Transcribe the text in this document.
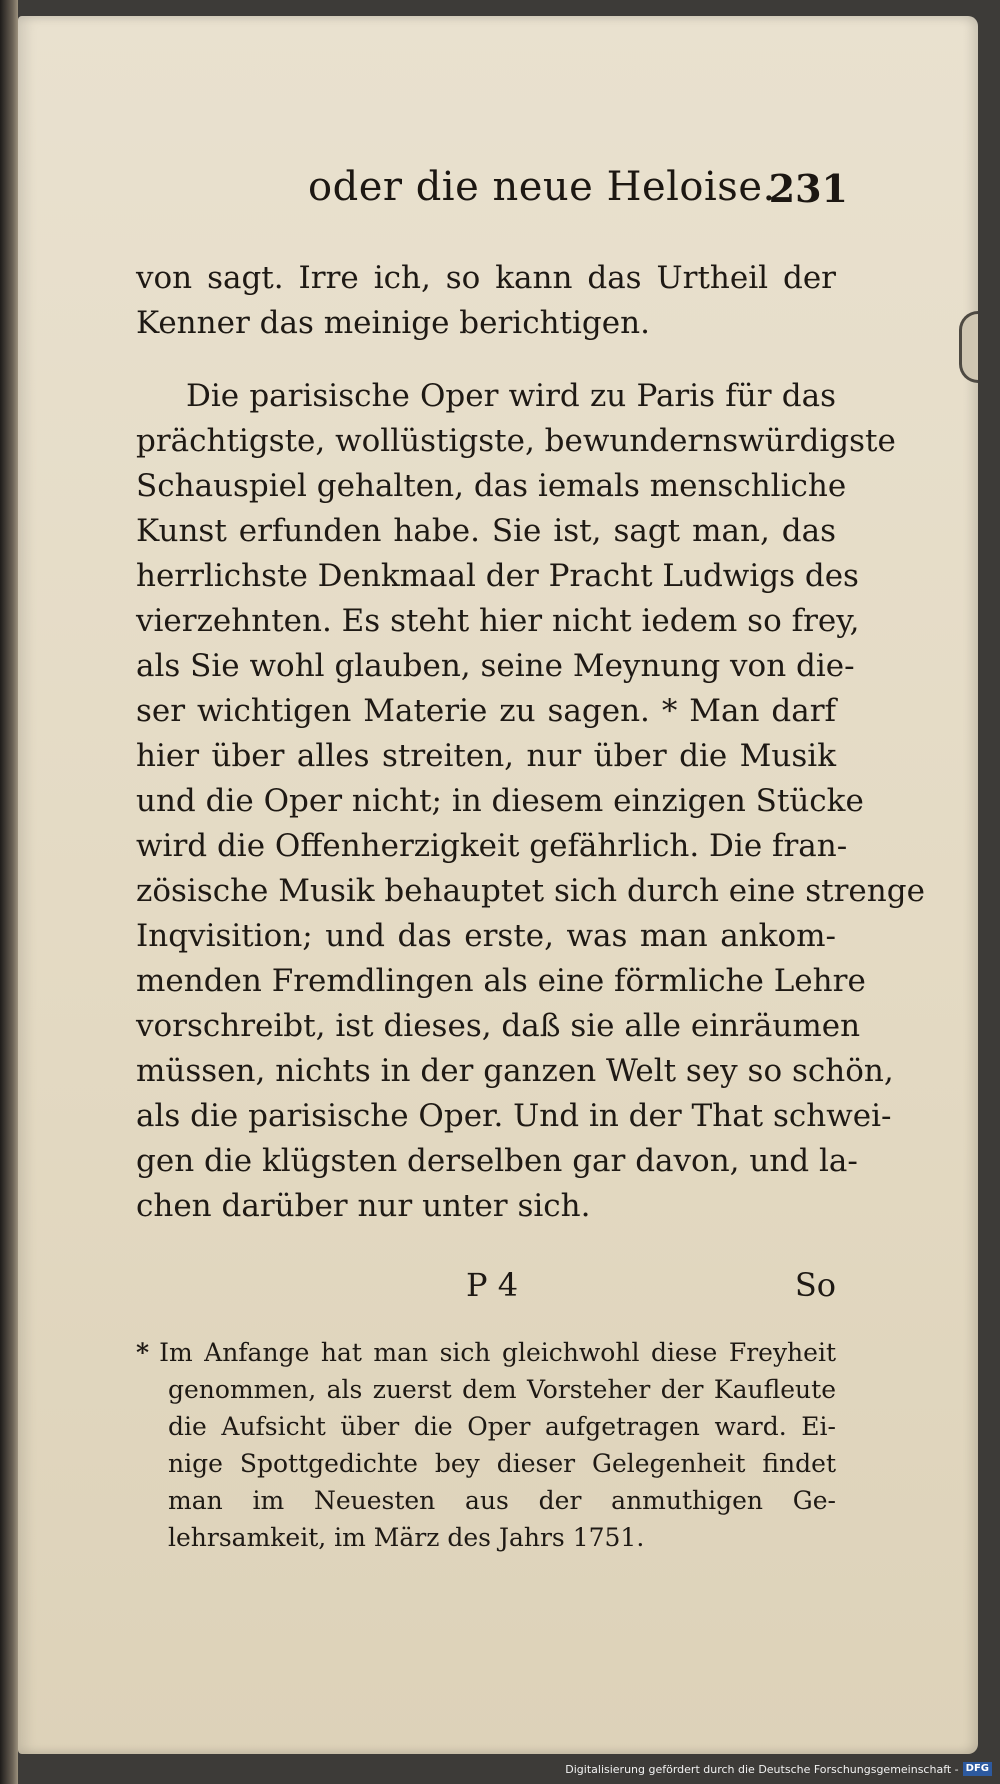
oder die neue Heloise.
231
von sagt. Irre ich, so kann das Urtheil der
Kenner das meinige berichtigen.
Die parisische Oper wird zu Paris für das
prächtigste, wollüstigste, bewundernswürdigste
Schauspiel gehalten, das iemals menschliche
Kunst erfunden habe. Sie ist, sagt man, das
herrlichste Denkmaal der Pracht Ludwigs des
vierzehnten. Es steht hier nicht iedem so frey,
als Sie wohl glauben, seine Meynung von die-
ser wichtigen Materie zu sagen. * Man darf
hier über alles streiten, nur über die Musik
und die Oper nicht; in diesem einzigen Stücke
wird die Offenherzigkeit gefährlich. Die fran-
zösische Musik behauptet sich durch eine strenge
Inqvisition; und das erste, was man ankom-
menden Fremdlingen als eine förmliche Lehre
vorschreibt, ist dieses, daß sie alle einräumen
müssen, nichts in der ganzen Welt sey so schön,
als die parisische Oper. Und in der That schwei-
gen die klügsten derselben gar davon, und la-
chen darüber nur unter sich.
P 4	So
* Im Anfange hat man sich gleichwohl diese Freyheit
genommen, als zuerst dem Vorsteher der Kaufleute
die Aufsicht über die Oper aufgetragen ward. Ei-
nige Spottgedichte bey dieser Gelegenheit findet
man im Neuesten aus der anmuthigen Ge-
lehrsamkeit, im März des Jahrs 1751.
Digitalisierung gefördert durch die Deutsche Forschungsgemeinschaft - DFG
